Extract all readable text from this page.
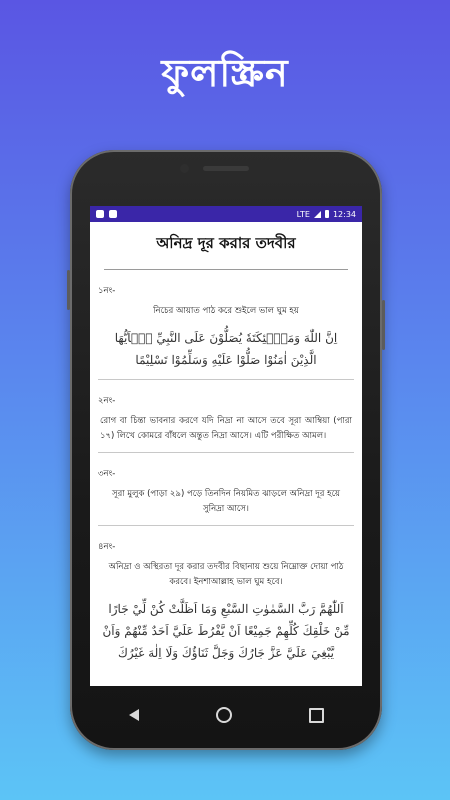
ফুলস্ক্রিন
LTE	12:34
অনিদ্র দূর করার তদবীর
১নং-
নিচের আয়াত পাঠ করে শুইলে ভাল ঘুম হয়
اِنَّ اللّٰهَ وَمَلٰۤئِكَتَهٗ يُصَلُّوْنَ عَلَى النَّبِيِّ يٰۤاَيُّهَا الَّذِيْنَ اٰمَنُوْا صَلُّوْا عَلَيْهِ وَسَلِّمُوْا تَسْلِيْمًا
২নং-
রোগ বা চিন্তা ভাবনার করণে যদি নিদ্রা না আসে তবে সূরা আম্বিয়া (পারা ১৭) লিখে কোমরে বাঁধলে অন্তুত নিদ্রা আসে। এটি পরীক্ষিত আমল।
৩নং-
সূরা মুলুক (পাড়া ২৯) পড়ে তিনদিন নিয়মিত ঝাড়লে অনিদ্রা দূর হয়ে সুনিদ্রা আসে।
৪নং-
অনিদ্রা ও অস্থিরতা দূর করার তদবীর বিছানায় শুয়ে নিম্নোক্ত দোয়া পাঠ করবে। ইনশাআল্লাহ ভাল ঘুম হবে।
اَللّٰهُمَّ رَبَّ السَّمٰوٰتِ السَّبْعِ وَمَا اَظَلَّتْ كُنْ لِّيْ جَارًا مِّنْ خَلْقِكَ كُلِّهِمْ جَمِيْعًا اَنْ يَّفْرُطَ عَلَيَّ اَحَدٌ مِّنْهُمْ وَاَنْ يَّبْغِيَ عَلَيَّ عَزَّ جَارُكَ وَجَلَّ ثَنَاؤُكَ وَلَا اِلٰهَ غَيْرُكَ
